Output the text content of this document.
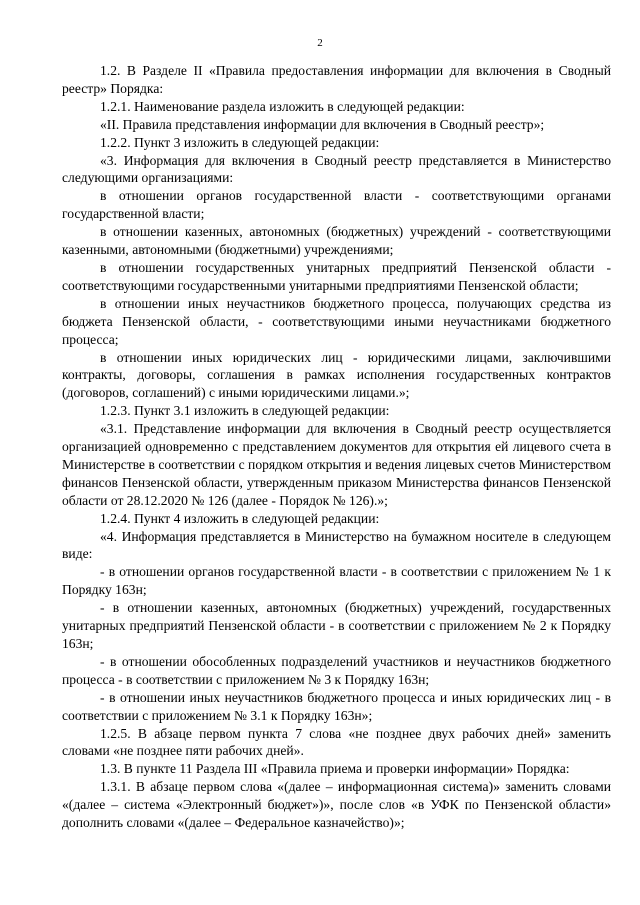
2

1.2. В Разделе II «Правила предоставления информации для включения в Сводный реестр» Порядка:

1.2.1. Наименование раздела изложить в следующей редакции:

«II. Правила представления информации для включения в Сводный реестр»;

1.2.2. Пункт 3 изложить в следующей редакции:

«3. Информация для включения в Сводный реестр представляется в Министерство следующими организациями:

в отношении органов государственной власти - соответствующими органами государственной власти;

в отношении казенных, автономных (бюджетных) учреждений - соответствующими казенными, автономными (бюджетными) учреждениями;

в отношении государственных унитарных предприятий Пензенской области - соответствующими государственными унитарными предприятиями Пензенской области;

в отношении иных неучастников бюджетного процесса, получающих средства из бюджета Пензенской области, - соответствующими иными неучастниками бюджетного процесса;

в отношении иных юридических лиц - юридическими лицами, заключившими контракты, договоры, соглашения в рамках исполнения государственных контрактов (договоров, соглашений) с иными юридическими лицами.»;

1.2.3. Пункт 3.1 изложить в следующей редакции:

«3.1. Представление информации для включения в Сводный реестр осуществляется организацией одновременно с представлением документов для открытия ей лицевого счета в Министерстве в соответствии с порядком открытия и ведения лицевых счетов Министерством финансов Пензенской области, утвержденным приказом Министерства финансов Пензенской области от 28.12.2020 № 126 (далее - Порядок № 126).»;

1.2.4. Пункт 4 изложить в следующей редакции:

«4. Информация представляется в Министерство на бумажном носителе в следующем виде:

- в отношении органов государственной власти - в соответствии с приложением № 1 к Порядку 163н;

- в отношении казенных, автономных (бюджетных) учреждений, государственных унитарных предприятий Пензенской области - в соответствии с приложением № 2 к Порядку 163н;

- в отношении обособленных подразделений участников и неучастников бюджетного процесса - в соответствии с приложением № 3 к Порядку 163н;

- в отношении иных неучастников бюджетного процесса и иных юридических лиц - в соответствии с приложением № 3.1 к Порядку 163н»;

1.2.5. В абзаце первом пункта 7 слова «не позднее двух рабочих дней» заменить словами «не позднее пяти рабочих дней».

1.3. В пункте 11 Раздела III «Правила приема и проверки информации» Порядка:

1.3.1. В абзаце первом слова «(далее – информационная система)» заменить словами «(далее – система «Электронный бюджет»)», после слов «в УФК по Пензенской области» дополнить словами «(далее – Федеральное казначейство)»;
